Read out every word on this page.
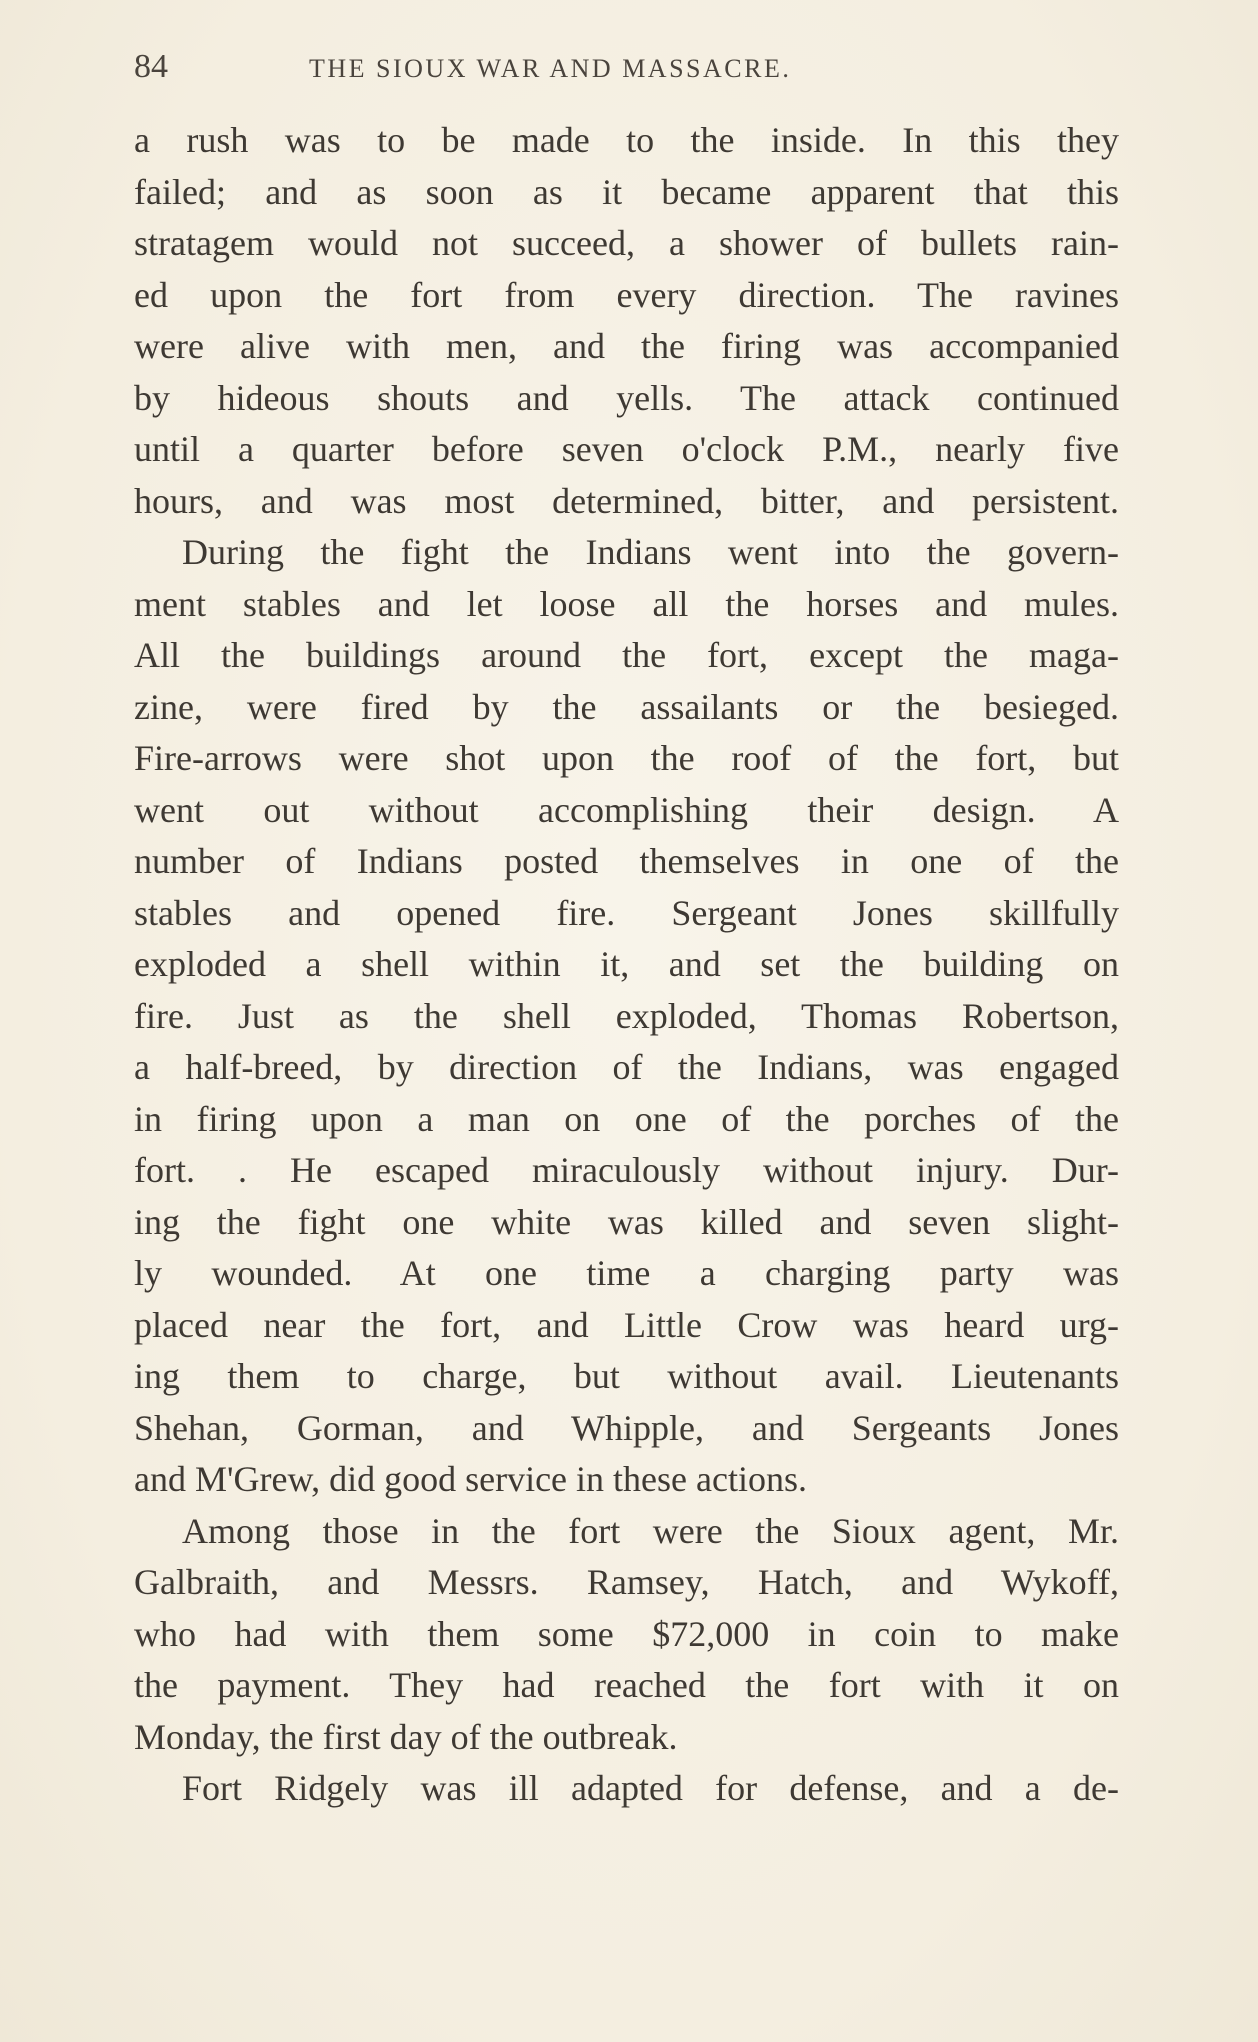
84	THE SIOUX WAR AND MASSACRE.
a rush was to be made to the inside. In this they
failed; and as soon as it became apparent that this
stratagem would not succeed, a shower of bullets rain-
ed upon the fort from every direction. The ravines
were alive with men, and the firing was accompanied
by hideous shouts and yells. The attack continued
until a quarter before seven o'clock P.M., nearly five
hours, and was most determined, bitter, and persistent.
During the fight the Indians went into the govern-
ment stables and let loose all the horses and mules.
All the buildings around the fort, except the maga-
zine, were fired by the assailants or the besieged.
Fire-arrows were shot upon the roof of the fort, but
went out without accomplishing their design. A
number of Indians posted themselves in one of the
stables and opened fire. Sergeant Jones skillfully
exploded a shell within it, and set the building on
fire. Just as the shell exploded, Thomas Robertson,
a half-breed, by direction of the Indians, was engaged
in firing upon a man on one of the porches of the
fort. . He escaped miraculously without injury. Dur-
ing the fight one white was killed and seven slight-
ly wounded. At one time a charging party was
placed near the fort, and Little Crow was heard urg-
ing them to charge, but without avail. Lieutenants
Shehan, Gorman, and Whipple, and Sergeants Jones
and M'Grew, did good service in these actions.
Among those in the fort were the Sioux agent, Mr.
Galbraith, and Messrs. Ramsey, Hatch, and Wykoff,
who had with them some $72,000 in coin to make
the payment. They had reached the fort with it on
Monday, the first day of the outbreak.
Fort Ridgely was ill adapted for defense, and a de-
